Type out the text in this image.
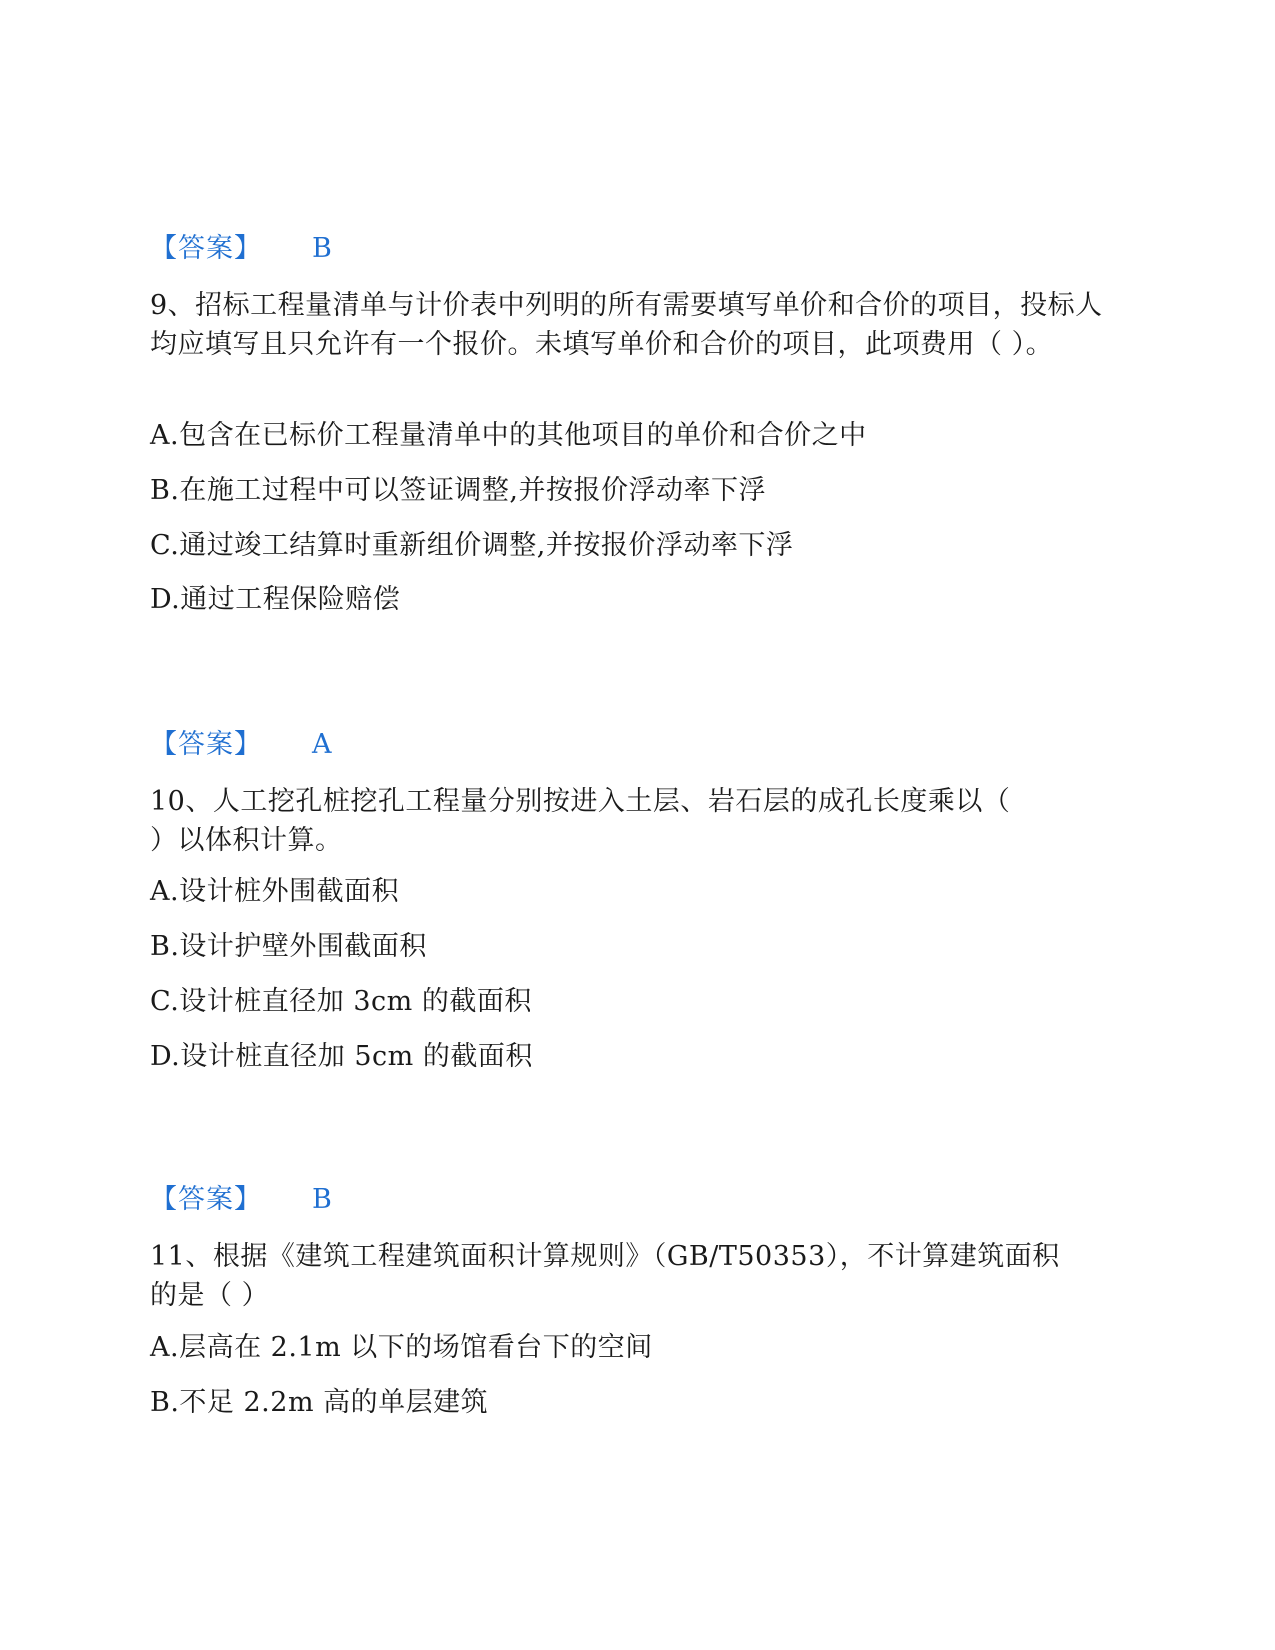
【答案】 B
9、招标工程量清单与计价表中列明的所有需要填写单价和合价的项目，投标人均应填写且只允许有一个报价。未填写单价和合价的项目，此项费用（ ）。
A.包含在已标价工程量清单中的其他项目的单价和合价之中
B.在施工过程中可以签证调整,并按报价浮动率下浮
C.通过竣工结算时重新组价调整,并按报价浮动率下浮
D.通过工程保险赔偿
【答案】 A
10、人工挖孔桩挖孔工程量分别按进入土层、岩石层的成孔长度乘以（ ）以体积计算。
A.设计桩外围截面积
B.设计护壁外围截面积
C.设计桩直径加 3cm 的截面积
D.设计桩直径加 5cm 的截面积
【答案】 B
11、根据《建筑工程建筑面积计算规则》（GB/T50353），不计算建筑面积的是（ ）
A.层高在 2.1m 以下的场馆看台下的空间
B.不足 2.2m 高的单层建筑
